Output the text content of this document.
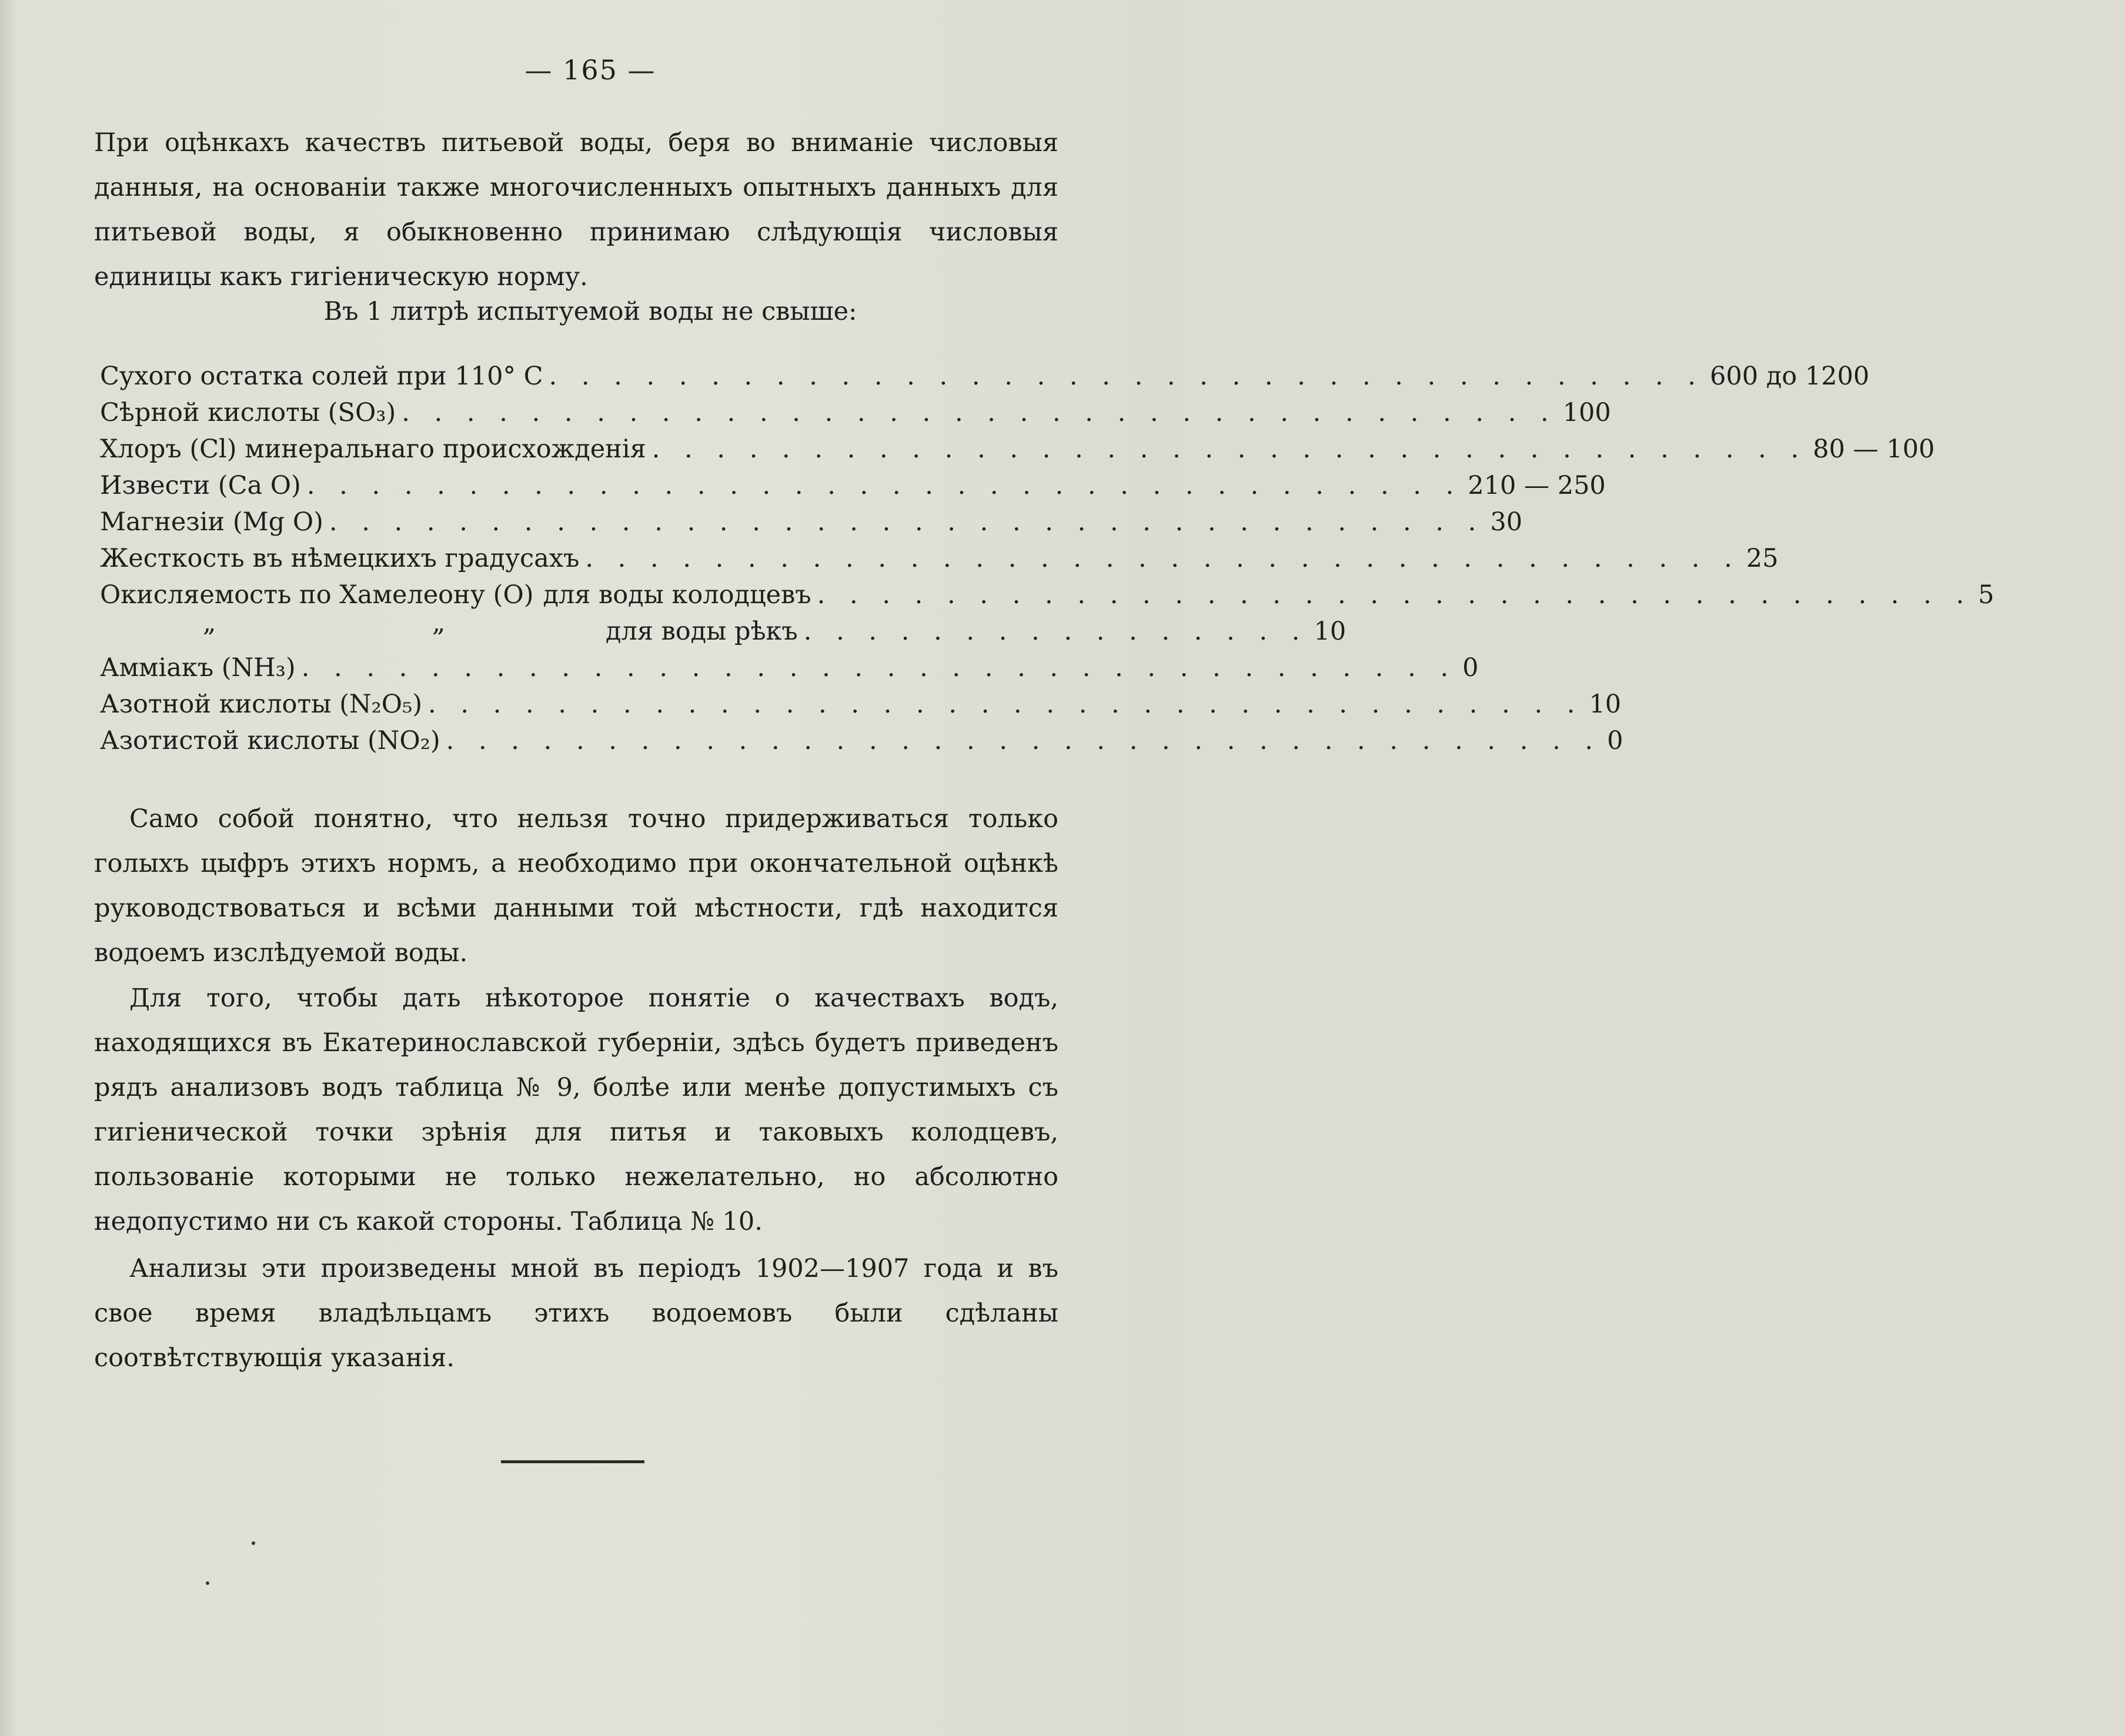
— 165 —
При оцѣнкахъ качествъ питьевой воды, беря во вниманіе числовыя данныя, на основаніи также многочисленныхъ опытныхъ данныхъ для питьевой воды, я обыкновенно принимаю слѣдующія числовыя единицы какъ гигіеническую норму.
Въ 1 литрѣ испытуемой воды не свыше:
Сухого остатка солей при 110° С . . . . . . . . . . . . . . . . . . . . . . . . . . . . . . . . . . . . 600 до 1200
Сѣрной кислоты (SO₃) . . . . . . . . . . . . . . . . . . . . . . . . . . . . . . . . . . . . 100
Хлоръ (Cl) минеральнаго происхожденія . . . . . . . . . . . . . . . . . . . . . . . . . . . . . . . . . . . . 80 — 100
Извести (Са О) . . . . . . . . . . . . . . . . . . . . . . . . . . . . . . . . . . . . 210 — 250
Магнезіи (Mg O) . . . . . . . . . . . . . . . . . . . . . . . . . . . . . . . . . . . . 30
Жесткость въ нѣмецкихъ градусахъ . . . . . . . . . . . . . . . . . . . . . . . . . . . . . . . . . . . . 25
Окисляемость по Хамелеону (О) для воды колодцевъ . . . . . . . . . . . . . . . . . . . . . . . . . . . . . . . . . . . . 5
„	„	для воды рѣкъ . . . . . . . . . . . . . . . . 10
Амміакъ (NH₃) . . . . . . . . . . . . . . . . . . . . . . . . . . . . . . . . . . . . 0
Азотной кислоты (N₂O₅) . . . . . . . . . . . . . . . . . . . . . . . . . . . . . . . . . . . . 10
Азотистой кислоты (NO₂) . . . . . . . . . . . . . . . . . . . . . . . . . . . . . . . . . . . . 0
Само собой понятно, что нельзя точно придерживаться только голыхъ цыфръ этихъ нормъ, а необходимо при окончательной оцѣнкѣ руководствоваться и всѣми данными той мѣстности, гдѣ находится водоемъ изслѣдуемой воды.
Для того, чтобы дать нѣкоторое понятіе о качествахъ водъ, находящихся въ Екатеринославской губерніи, здѣсь будетъ приведенъ рядъ анализовъ водъ таблица № 9, болѣе или менѣе допустимыхъ съ гигіенической точки зрѣнія для питья и таковыхъ колодцевъ, пользованіе которыми не только нежелательно, но абсолютно недопустимо ни съ какой стороны. Таблица № 10.
Анализы эти произведены мной въ періодъ 1902—1907 года и въ свое время владѣльцамъ этихъ водоемовъ были сдѣланы соотвѣтствующія указанія.
